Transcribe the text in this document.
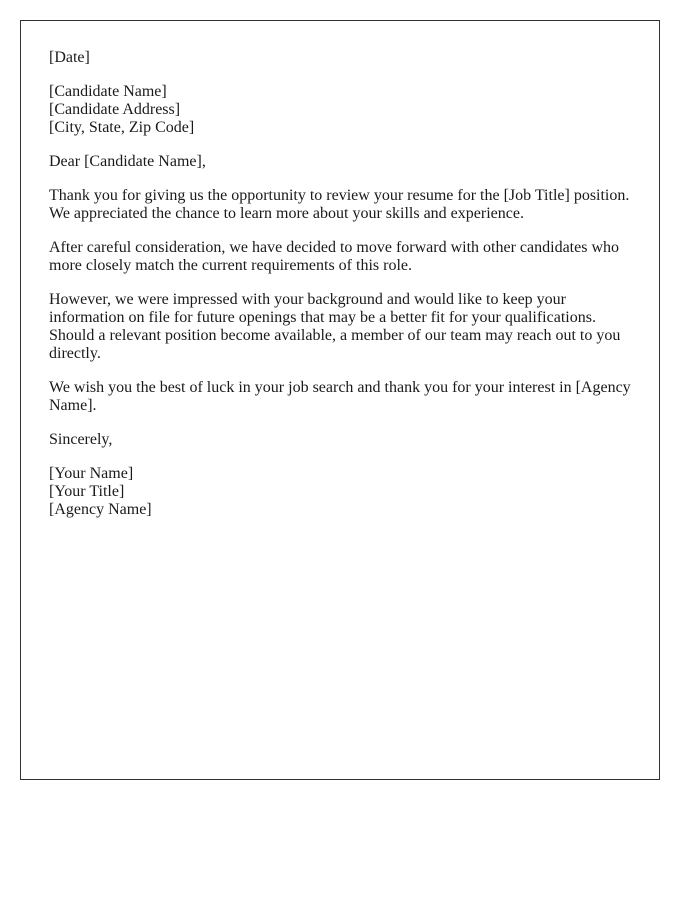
[Date]

[Candidate Name]
[Candidate Address]
[City, State, Zip Code]

Dear [Candidate Name],

Thank you for giving us the opportunity to review your resume for the [Job Title] position. We appreciated the chance to learn more about your skills and experience.

After careful consideration, we have decided to move forward with other candidates who more closely match the current requirements of this role.

However, we were impressed with your background and would like to keep your information on file for future openings that may be a better fit for your qualifications. Should a relevant position become available, a member of our team may reach out to you directly.

We wish you the best of luck in your job search and thank you for your interest in [Agency Name].

Sincerely,

[Your Name]
[Your Title]
[Agency Name]
